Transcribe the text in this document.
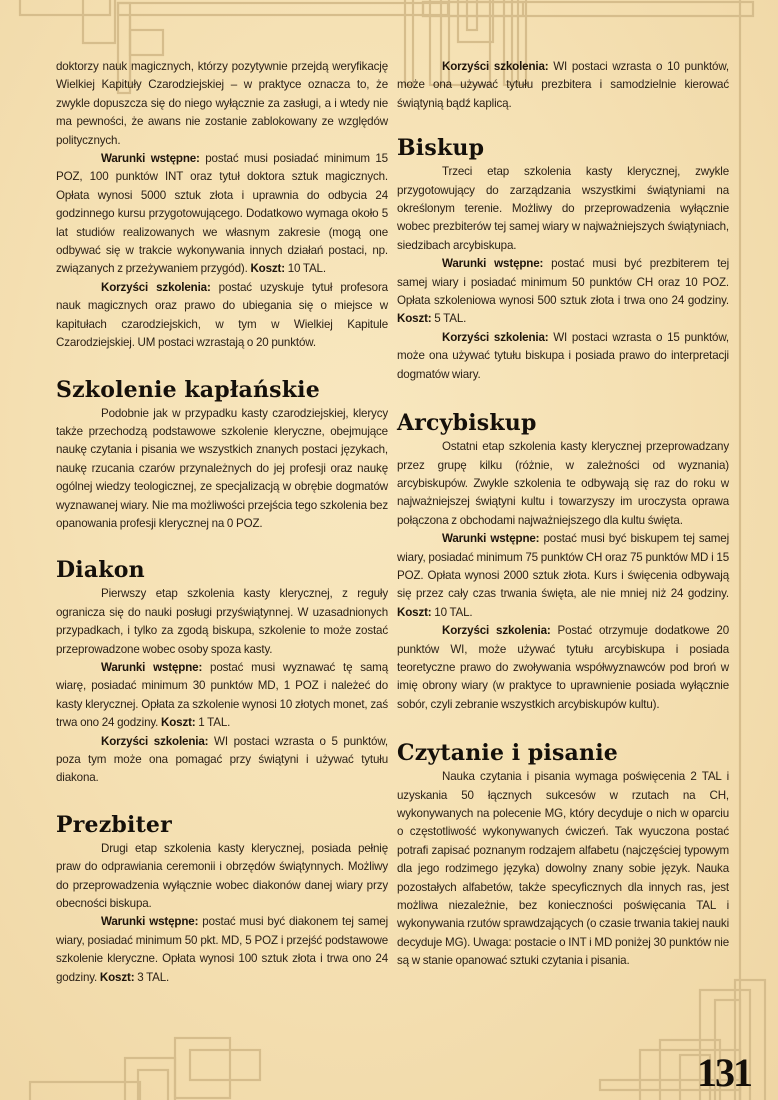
doktorzy nauk magicznych, którzy pozytywnie przejdą weryfikację Wielkiej Kapituły Czarodziejskiej – w praktyce oznacza to, że zwykle dopuszcza się do niego wyłącznie za zasługi, a i wtedy nie ma pewności, że awans nie zostanie zablokowany ze względów politycznych.

Warunki wstępne: postać musi posiadać minimum 15 POZ, 100 punktów INT oraz tytuł doktora sztuk magicznych. Opłata wynosi 5000 sztuk złota i uprawnia do odbycia 24 godzinnego kursu przygotowującego. Dodatkowo wymaga około 5 lat studiów realizowanych we własnym zakresie (mogą one odbywać się w trakcie wykonywania innych działań postaci, np. związanych z przeżywaniem przygód). Koszt: 10 TAL.

Korzyści szkolenia: postać uzyskuje tytuł profesora nauk magicznych oraz prawo do ubiegania się o miejsce w kapitułach czarodziejskich, w tym w Wielkiej Kapitule Czarodziejskiej. UM postaci wzrastają o 20 punktów.

Szkolenie kapłańskie

Podobnie jak w przypadku kasty czarodziejskiej, klerycy także przechodzą podstawowe szkolenie kleryczne, obejmujące naukę czytania i pisania we wszystkich znanych postaci językach, naukę rzucania czarów przynależnych do jej profesji oraz naukę ogólnej wiedzy teologicznej, ze specjalizacją w obrębie dogmatów wyznawanej wiary. Nie ma możliwości przejścia tego szkolenia bez opanowania profesji klerycznej na 0 POZ.

Diakon

Pierwszy etap szkolenia kasty klerycznej, z reguły ogranicza się do nauki posługi przyświątynnej. W uzasadnionych przypadkach, i tylko za zgodą biskupa, szkolenie to może zostać przeprowadzone wobec osoby spoza kasty.

Warunki wstępne: postać musi wyznawać tę samą wiarę, posiadać minimum 30 punktów MD, 1 POZ i należeć do kasty klerycznej. Opłata za szkolenie wynosi 10 złotych monet, zaś trwa ono 24 godziny. Koszt: 1 TAL.

Korzyści szkolenia: WI postaci wzrasta o 5 punktów, poza tym może ona pomagać przy świątyni i używać tytułu diakona.

Prezbiter

Drugi etap szkolenia kasty klerycznej, posiada pełnię praw do odprawiania ceremonii i obrzędów świątynnych. Możliwy do przeprowadzenia wyłącznie wobec diakonów danej wiary przy obecności biskupa.

Warunki wstępne: postać musi być diakonem tej samej wiary, posiadać minimum 50 pkt. MD, 5 POZ i przejść podstawowe szkolenie kleryczne. Opłata wynosi 100 sztuk złota i trwa ono 24 godziny. Koszt: 3 TAL.

Korzyści szkolenia: WI postaci wzrasta o 10 punktów, może ona używać tytułu prezbitera i samodzielnie kierować świątynią bądź kaplicą.

Biskup

Trzeci etap szkolenia kasty klerycznej, zwykle przygotowujący do zarządzania wszystkimi świątyniami na określonym terenie. Możliwy do przeprowadzenia wyłącznie wobec prezbiterów tej samej wiary w najważniejszych świątyniach, siedzibach arcybiskupa.

Warunki wstępne: postać musi być prezbiterem tej samej wiary i posiadać minimum 50 punktów CH oraz 10 POZ. Opłata szkoleniowa wynosi 500 sztuk złota i trwa ono 24 godziny. Koszt: 5 TAL.

Korzyści szkolenia: WI postaci wzrasta o 15 punktów, może ona używać tytułu biskupa i posiada prawo do interpretacji dogmatów wiary.

Arcybiskup

Ostatni etap szkolenia kasty klerycznej przeprowadzany przez grupę kilku (różnie, w zależności od wyznania) arcybiskupów. Zwykle szkolenia te odbywają się raz do roku w najważniejszej świątyni kultu i towarzyszy im uroczysta oprawa połączona z obchodami najważniejszego dla kultu święta.

Warunki wstępne: postać musi być biskupem tej samej wiary, posiadać minimum 75 punktów CH oraz 75 punktów MD i 15 POZ. Opłata wynosi 2000 sztuk złota. Kurs i święcenia odbywają się przez cały czas trwania święta, ale nie mniej niż 24 godziny. Koszt: 10 TAL.

Korzyści szkolenia: Postać otrzymuje dodatkowe 20 punktów WI, może używać tytułu arcybiskupa i posiada teoretyczne prawo do zwoływania współwyznawców pod broń w imię obrony wiary (w praktyce to uprawnienie posiada wyłącznie sobór, czyli zebranie wszystkich arcybiskupów kultu).

Czytanie i pisanie

Nauka czytania i pisania wymaga poświęcenia 2 TAL i uzyskania 50 łącznych sukcesów w rzutach na CH, wykonywanych na polecenie MG, który decyduje o nich w oparciu o częstotliwość wykonywanych ćwiczeń. Tak wyuczona postać potrafi zapisać poznanym rodzajem alfabetu (najczęściej typowym dla jego rodzimego języka) dowolny znany sobie język. Nauka pozostałych alfabetów, także specyficznych dla innych ras, jest możliwa niezależnie, bez konieczności poświęcania TAL i wykonywania rzutów sprawdzających (o czasie trwania takiej nauki decyduje MG). Uwaga: postacie o INT i MD poniżej 30 punktów nie są w stanie opanować sztuki czytania i pisania.

131
